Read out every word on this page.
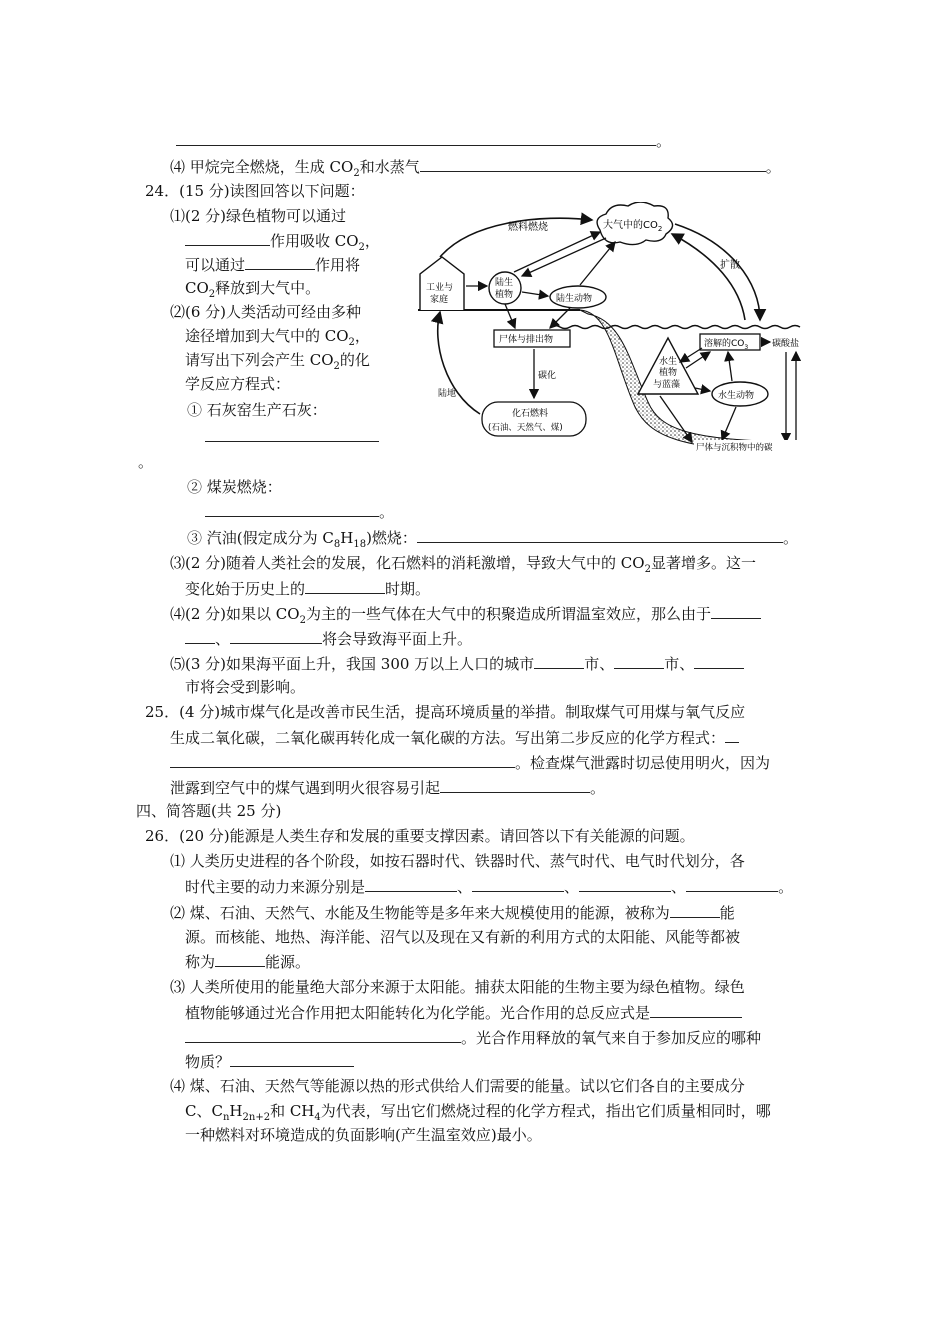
。
⑷ 甲烷完全燃烧，生成 $CO_2$和水蒸气	。
24．(15 分)读图回答以下问题：
⑴(2 分)绿色植物可以通过
作用吸收 $CO_2$，
可以通过	作用将
$CO_2$释放到大气中。
⑵(6 分)人类活动可经由多种
途径增加到大气中的 $CO_2$，
请写出下列会产生 $CO_2$的化
学反应方程式：
① 石灰窑生产石灰：
。
② 煤炭燃烧：
。
③ 汽油(假定成分为 $C_8H_{18}$)燃烧：	。
⑶(2 分)随着人类社会的发展，化石燃料的消耗激增，导致大气中的 $CO_2$显著增多。这一
变化始于历史上的	时期。
⑷(2 分)如果以 $CO_2$为主的一些气体在大气中的积聚造成所谓温室效应，那么由于
、	将会导致海平面上升。
⑸(3 分)如果海平面上升，我国 300 万以上人口的城市	市、	市、
市将会受到影响。
25．(4 分)城市煤气化是改善市民生活，提高环境质量的举措。制取煤气可用煤与氧气反应
生成二氧化碳，二氧化碳再转化成一氧化碳的方法。写出第二步反应的化学方程式：
。检查煤气泄露时切忌使用明火，因为
泄露到空气中的煤气遇到明火很容易引起	。
四、简答题(共 25 分)
26．(20 分)能源是人类生存和发展的重要支撑因素。请回答以下有关能源的问题。
⑴ 人类历史进程的各个阶段，如按石器时代、铁器时代、蒸气时代、电气时代划分，各
时代主要的动力来源分别是	、	、	、	。
⑵ 煤、石油、天然气、水能及生物能等是多年来大规模使用的能源，被称为	能
源。而核能、地热、海洋能、沼气以及现在又有新的利用方式的太阳能、风能等都被
称为	能源。
⑶ 人类所使用的能量绝大部分来源于太阳能。捕获太阳能的生物主要为绿色植物。绿色
植物能够通过光合作用把太阳能转化为化学能。光合作用的总反应式是
。光合作用释放的氧气来自于参加反应的哪种
物质？
⑷ 煤、石油、天然气等能源以热的形式供给人们需要的能量。试以它们各自的主要成分
C、$C_nH_{2n+2}$和 $CH_4$为代表，写出它们燃烧过程的化学方程式，指出它们质量相同时，哪
一种燃料对环境造成的负面影响(产生温室效应)最小。
大气中的$CO_2$
燃料燃烧
扩散
工业与
家庭
陆生
植物	陆生动物
尸体与排出物
碳化
陆地
化石燃料
(石油、天然气、煤)
溶解的$CO_3$	碳酸盐
水生
植物
与蓝藻
水生动物
尸体与沉积物中的碳
